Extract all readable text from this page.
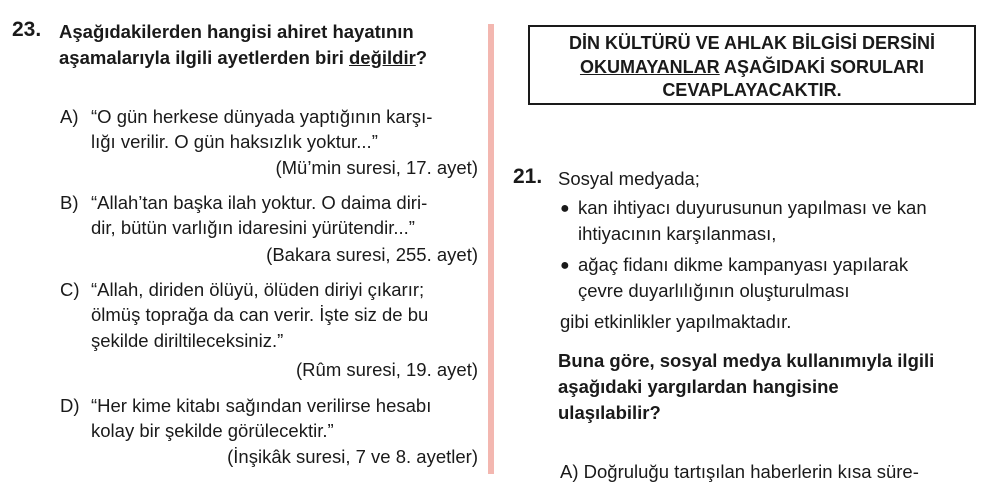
23. Aşağıdakilerden hangisi ahiret hayatının
aşamalarıyla ilgili ayetlerden biri değildir?
A) “O gün herkese dünyada yaptığının karşı-
lığı verilir. O gün haksızlık yoktur...”
(Mü’min suresi, 17. ayet)
B) “Allah’tan başka ilah yoktur. O daima diri-
dir, bütün varlığın idaresini yürütendir...”
(Bakara suresi, 255. ayet)
C) “Allah, diriden ölüyü, ölüden diriyi çıkarır;
ölmüş toprağa da can verir. İşte siz de bu
şekilde diriltileceksiniz.”
(Rûm suresi, 19. ayet)
D) “Her kime kitabı sağından verilirse hesabı
kolay bir şekilde görülecektir.”
(İnşikâk suresi, 7 ve 8. ayetler)
DİN KÜLTÜRÜ VE AHLAK BİLGİSİ DERSİNİ
OKUMAYANLAR AŞAĞIDAKİ SORULARI
CEVAPLAYACAKTIR.
21. Sosyal medyada;
● kan ihtiyacı duyurusunun yapılması ve kan
ihtiyacının karşılanması,
● ağaç fidanı dikme kampanyası yapılarak
çevre duyarlılığının oluşturulması
gibi etkinlikler yapılmaktadır.
Buna göre, sosyal medya kullanımıyla ilgili
aşağıdaki yargılardan hangisine
ulaşılabilir?
A) Doğruluğu tartışılan haberlerin kısa süre-
